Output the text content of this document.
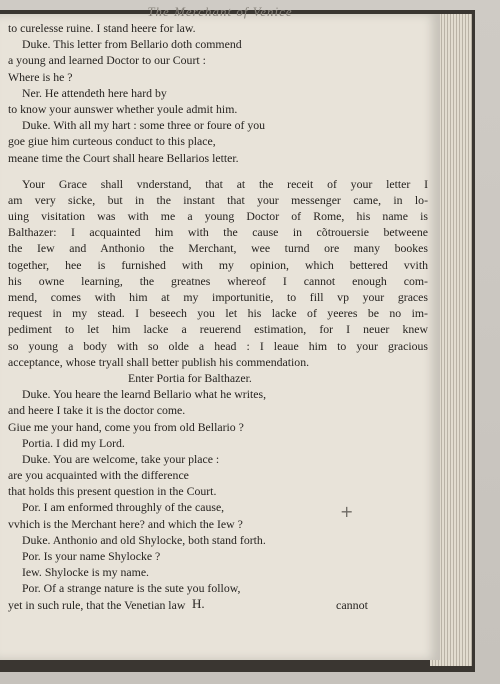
The Merchant of Venice
to curelesse ruine. I stand heere for law.
Duke. This letter from Bellario doth commend
a young and learned Doctor to our Court :
Where is he ?
Ner. He attendeth here hard by
to know your aunswer whether youle admit him.
Duke. With all my hart : some three or foure of you
goe giue him curteous conduct to this place,
meane time the Court shall heare Bellarios letter.
Your Grace shall vnderstand, that at the receit of your letter I
am very sicke, but in the instant that your messenger came, in lo-
uing visitation was with me a young Doctor of Rome, his name is
Balthazer: I acquainted him with the cause in cõtrouersie betweene
the Iew and Anthonio the Merchant, wee turnd ore many bookes
together, hee is furnished with my opinion, which bettered vvith
his owne learning, the greatnes whereof I cannot enough com-
mend, comes with him at my importunitie, to fill vp your graces
request in my stead. I beseech you let his lacke of yeeres be no im-
pediment to let him lacke a reuerend estimation, for I neuer knew
so young a body with so olde a head : I leaue him to your gracious
acceptance, whose tryall shall better publish his commendation.
Enter Portia for Balthazer.
Duke. You heare the learnd Bellario what he writes,
and heere I take it is the doctor come.
Giue me your hand, come you from old Bellario ?
Portia. I did my Lord.
Duke. You are welcome, take your place :
are you acquainted with the difference
that holds this present question in the Court.
Por. I am enformed throughly of the cause,
vvhich is the Merchant here? and which the Iew ?
Duke. Anthonio and old Shylocke, both stand forth.
Por. Is your name Shylocke ?
Iew. Shylocke is my name.
Por. Of a strange nature is the sute you follow,
yet in such rule, that the Venetian law
+
H.	cannot
